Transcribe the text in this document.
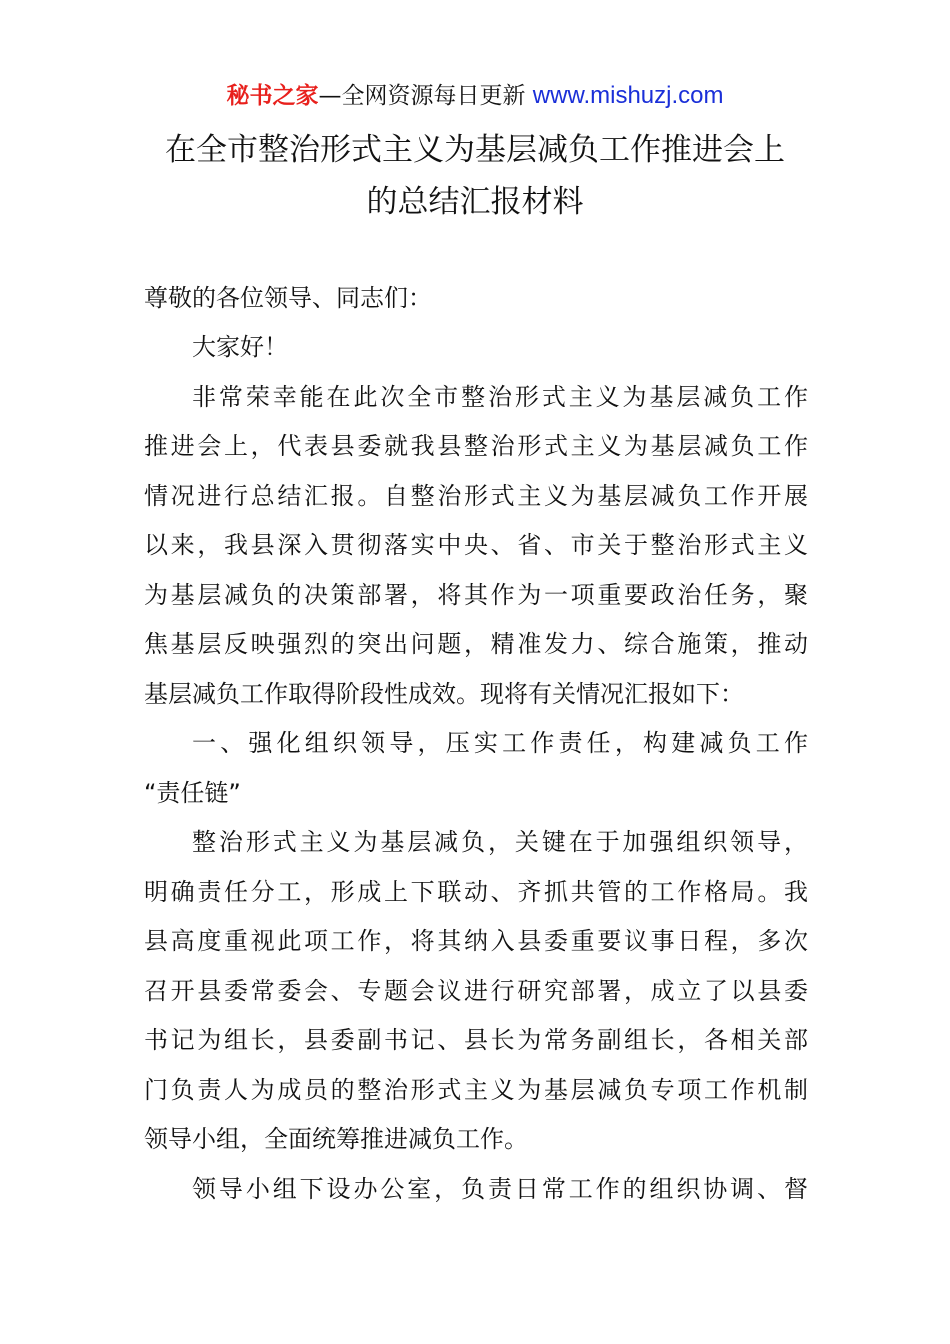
秘书之家—全网资源每日更新 www.mishuzj.com
在全市整治形式主义为基层减负工作推进会上
的总结汇报材料
尊敬的各位领导、同志们：
大家好！
非常荣幸能在此次全市整治形式主义为基层减负工作
推进会上，代表县委就我县整治形式主义为基层减负工作
情况进行总结汇报。自整治形式主义为基层减负工作开展
以来，我县深入贯彻落实中央、省、市关于整治形式主义
为基层减负的决策部署，将其作为一项重要政治任务，聚
焦基层反映强烈的突出问题，精准发力、综合施策，推动
基层减负工作取得阶段性成效。现将有关情况汇报如下：
一、强化组织领导，压实工作责任，构建减负工作
“责任链”
整治形式主义为基层减负，关键在于加强组织领导，
明确责任分工，形成上下联动、齐抓共管的工作格局。我
县高度重视此项工作，将其纳入县委重要议事日程，多次
召开县委常委会、专题会议进行研究部署，成立了以县委
书记为组长，县委副书记、县长为常务副组长，各相关部
门负责人为成员的整治形式主义为基层减负专项工作机制
领导小组，全面统筹推进减负工作。
领导小组下设办公室，负责日常工作的组织协调、督
